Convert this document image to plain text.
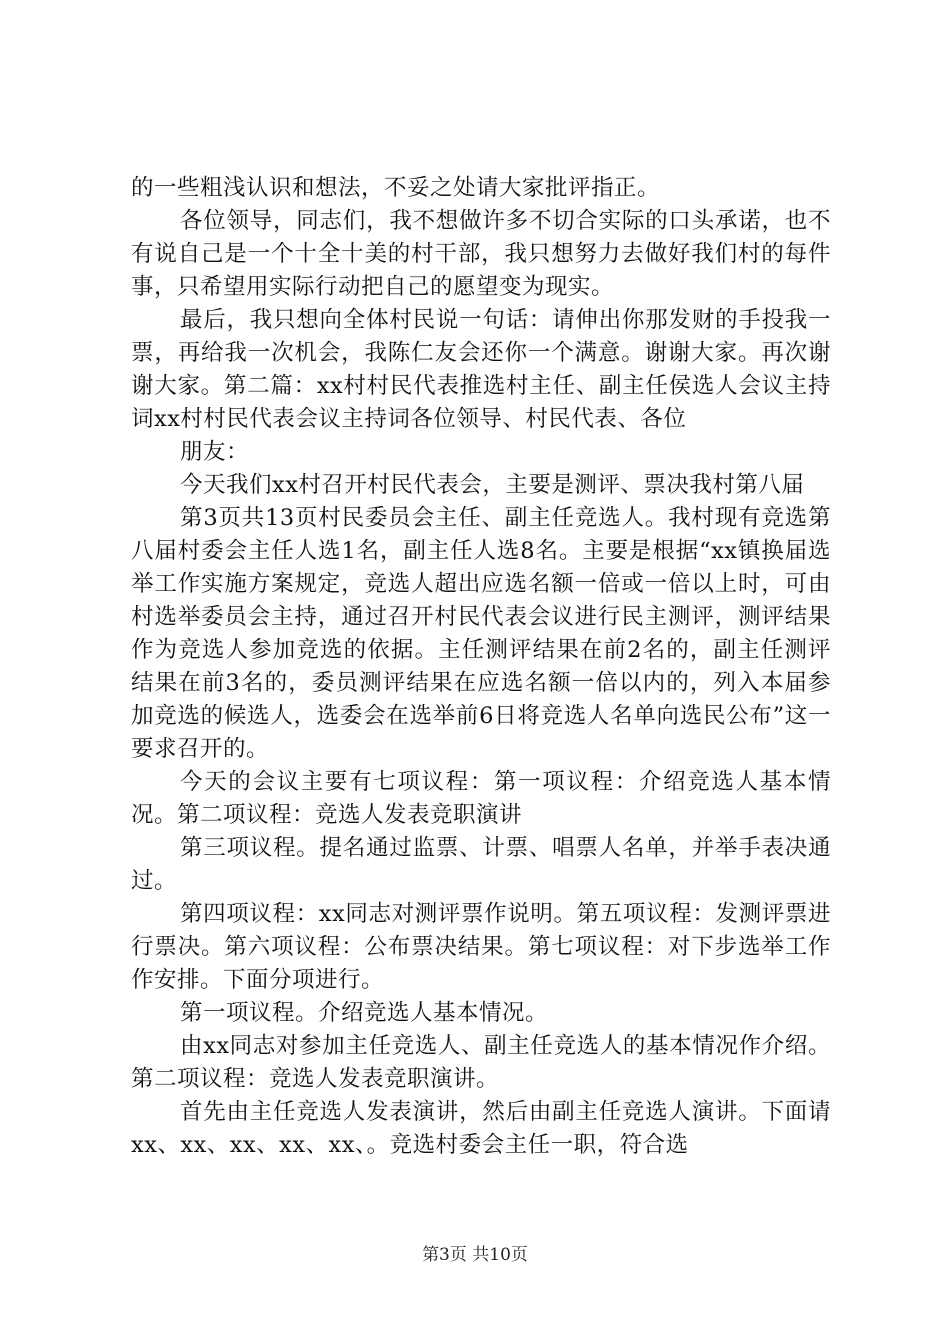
的一些粗浅认识和想法，不妥之处请大家批评指正。

各位领导，同志们，我不想做许多不切合实际的口头承诺，也不有说自己是一个十全十美的村干部，我只想努力去做好我们村的每件事，只希望用实际行动把自己的愿望变为现实。

最后，我只想向全体村民说一句话：请伸出你那发财的手投我一票，再给我一次机会，我陈仁友会还你一个满意。谢谢大家。再次谢谢大家。第二篇：xx村村民代表推选村主任、副主任侯选人会议主持词xx村村民代表会议主持词各位领导、村民代表、各位

朋友：

今天我们xx村召开村民代表会，主要是测评、票决我村第八届

第3页共13页村民委员会主任、副主任竞选人。我村现有竞选第八届村委会主任人选1名，副主任人选8名。主要是根据“xx镇换届选举工作实施方案规定，竞选人超出应选名额一倍或一倍以上时，可由村选举委员会主持，通过召开村民代表会议进行民主测评，测评结果作为竞选人参加竞选的依据。主任测评结果在前2名的，副主任测评结果在前3名的，委员测评结果在应选名额一倍以内的，列入本届参加竞选的候选人，选委会在选举前6日将竞选人名单向选民公布”这一要求召开的。

今天的会议主要有七项议程：第一项议程：介绍竞选人基本情况。第二项议程：竞选人发表竞职演讲

第三项议程。提名通过监票、计票、唱票人名单，并举手表决通过。

第四项议程：xx同志对测评票作说明。第五项议程：发测评票进行票决。第六项议程：公布票决结果。第七项议程：对下步选举工作作安排。下面分项进行。

第一项议程。介绍竞选人基本情况。

由xx同志对参加主任竞选人、副主任竞选人的基本情况作介绍。第二项议程：竞选人发表竞职演讲。

首先由主任竞选人发表演讲，然后由副主任竞选人演讲。下面请xx、xx、xx、xx、xx、。竞选村委会主任一职，符合选

第3页 共10页
